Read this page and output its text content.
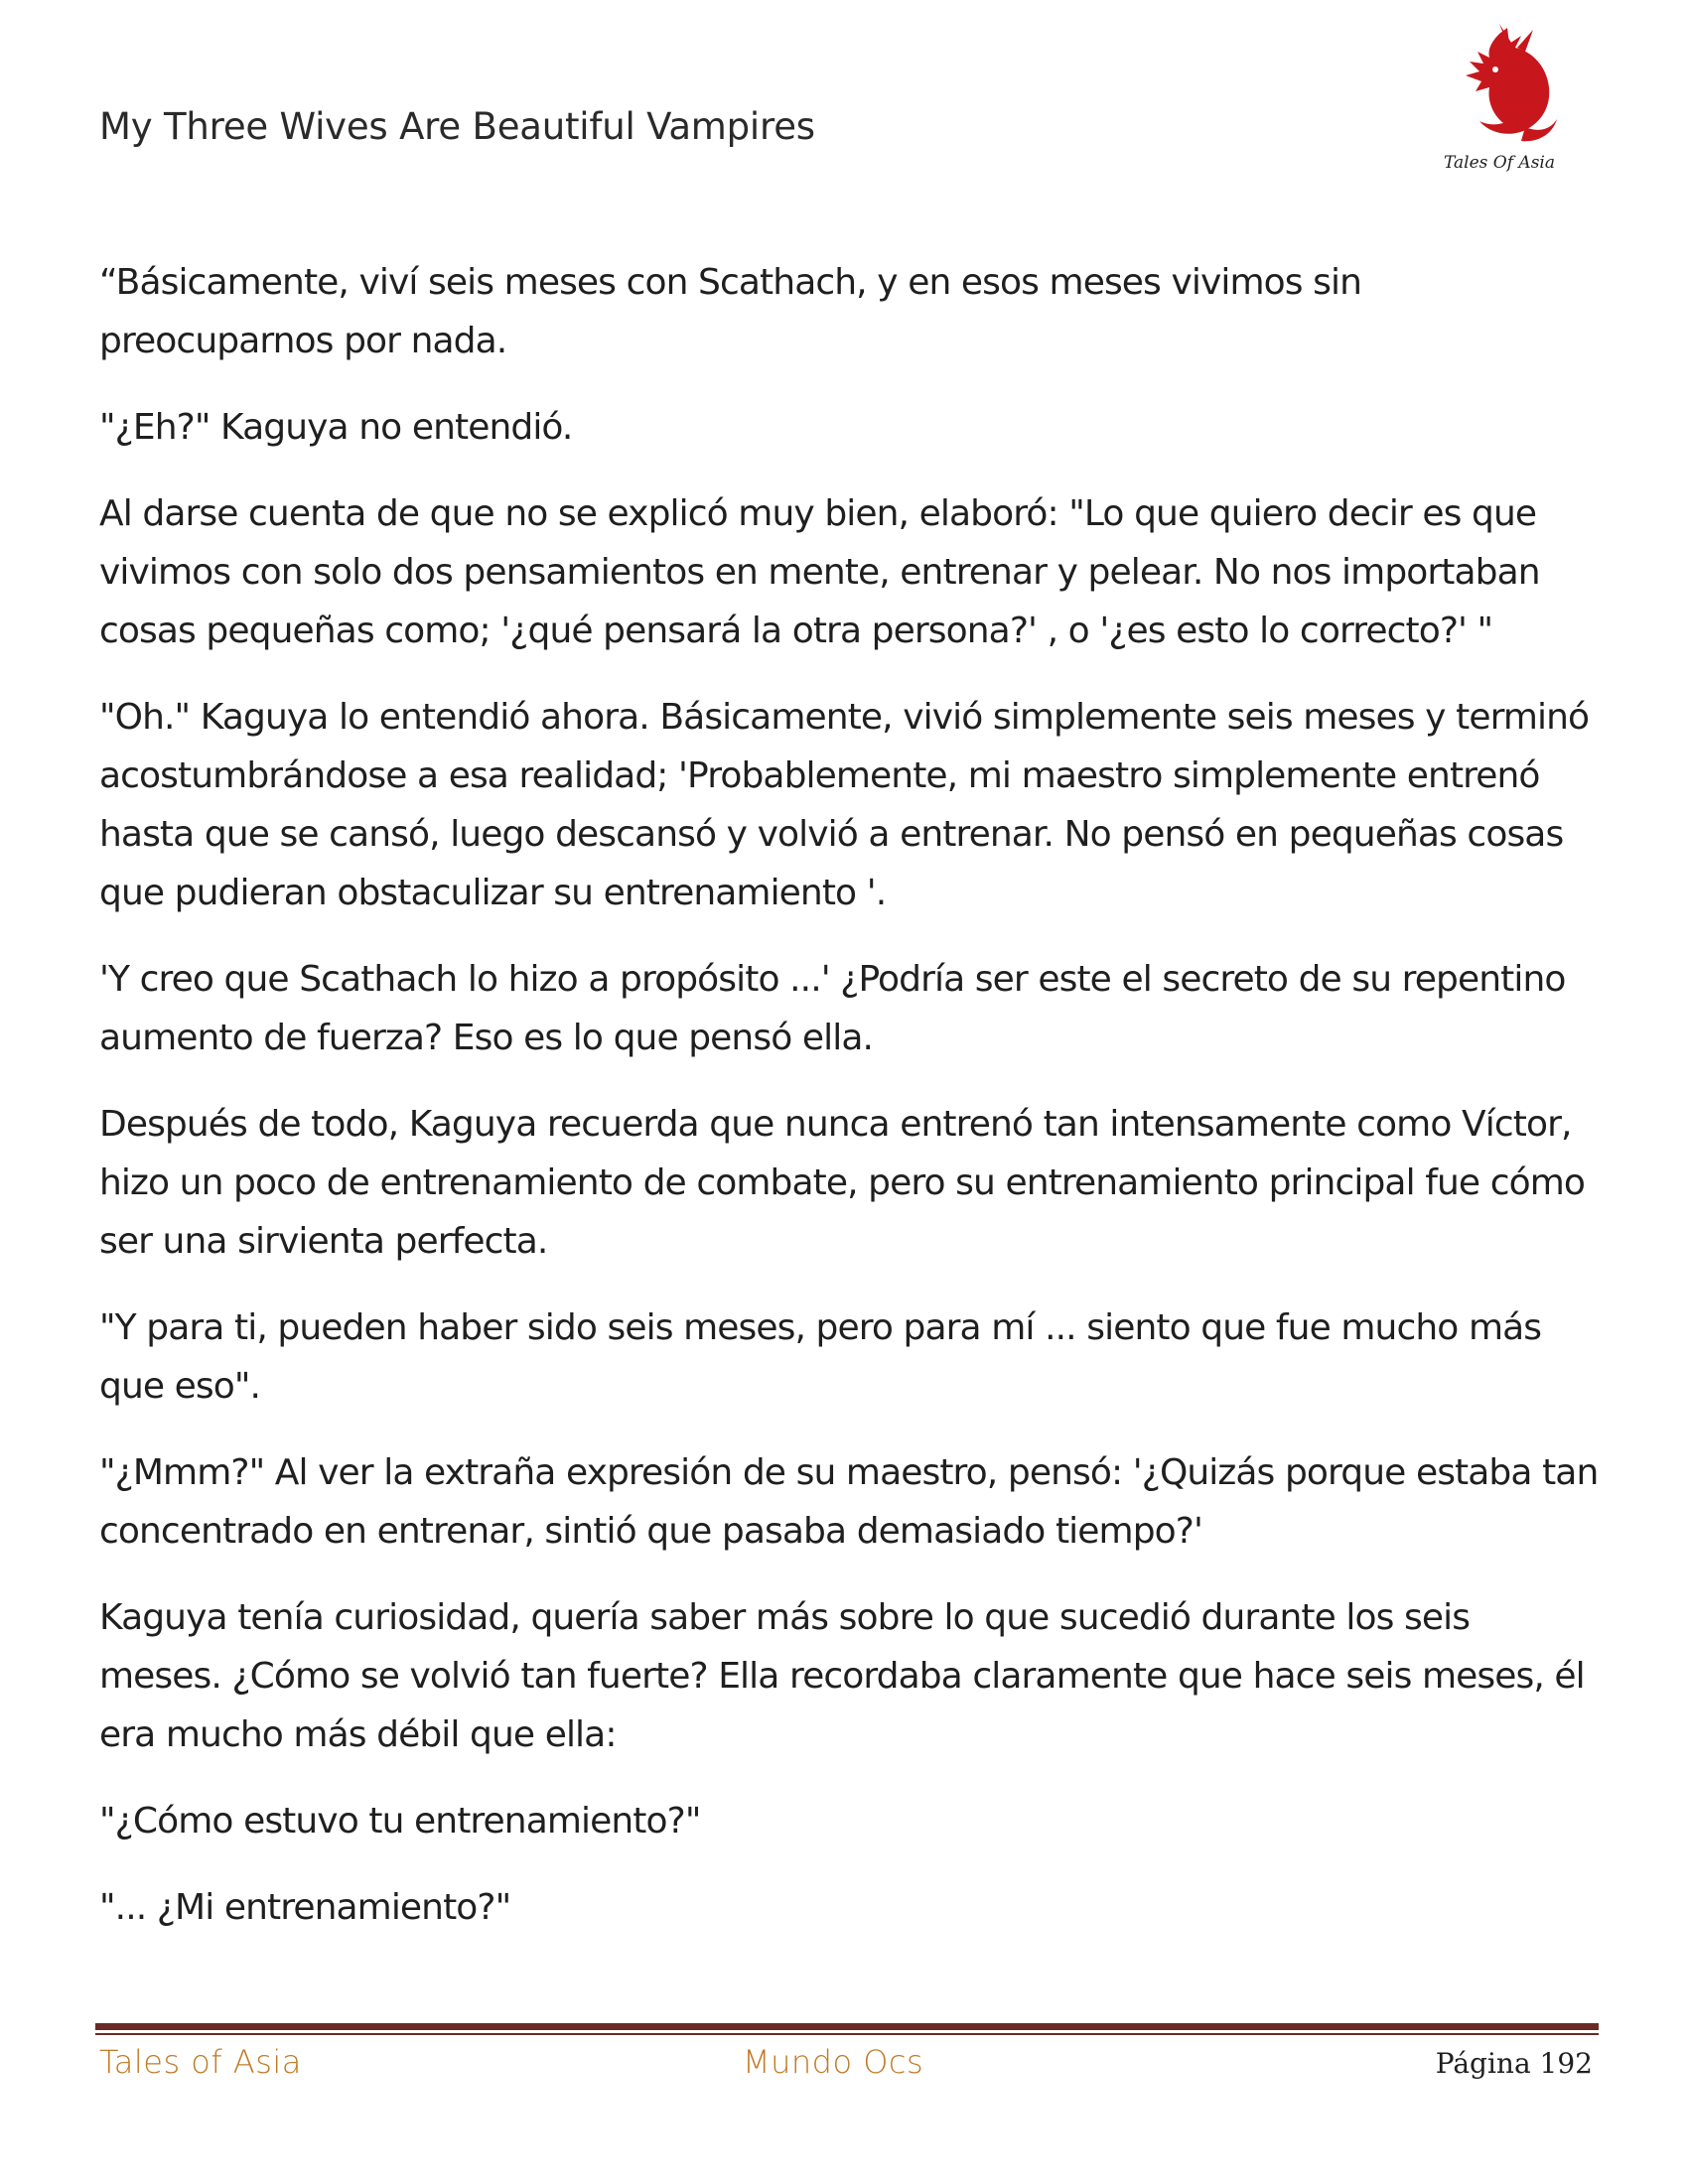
My Three Wives Are Beautiful Vampires
Tales Of Asia

“Básicamente, viví seis meses con Scathach, y en esos meses vivimos sin preocuparnos por nada.

"¿Eh?" Kaguya no entendió.

Al darse cuenta de que no se explicó muy bien, elaboró: "Lo que quiero decir es que vivimos con solo dos pensamientos en mente, entrenar y pelear. No nos importaban cosas pequeñas como; '¿qué pensará la otra persona?' , o '¿es esto lo correcto?' "

"Oh." Kaguya lo entendió ahora. Básicamente, vivió simplemente seis meses y terminó acostumbrándose a esa realidad; 'Probablemente, mi maestro simplemente entrenó hasta que se cansó, luego descansó y volvió a entrenar. No pensó en pequeñas cosas que pudieran obstaculizar su entrenamiento '.

'Y creo que Scathach lo hizo a propósito ...' ¿Podría ser este el secreto de su repentino aumento de fuerza? Eso es lo que pensó ella.

Después de todo, Kaguya recuerda que nunca entrenó tan intensamente como Víctor, hizo un poco de entrenamiento de combate, pero su entrenamiento principal fue cómo ser una sirvienta perfecta.

"Y para ti, pueden haber sido seis meses, pero para mí ... siento que fue mucho más que eso".

"¿Mmm?" Al ver la extraña expresión de su maestro, pensó: '¿Quizás porque estaba tan concentrado en entrenar, sintió que pasaba demasiado tiempo?'

Kaguya tenía curiosidad, quería saber más sobre lo que sucedió durante los seis meses. ¿Cómo se volvió tan fuerte? Ella recordaba claramente que hace seis meses, él era mucho más débil que ella:

"¿Cómo estuvo tu entrenamiento?"

"... ¿Mi entrenamiento?"

Tales of Asia	Mundo Ocs	Página 192
